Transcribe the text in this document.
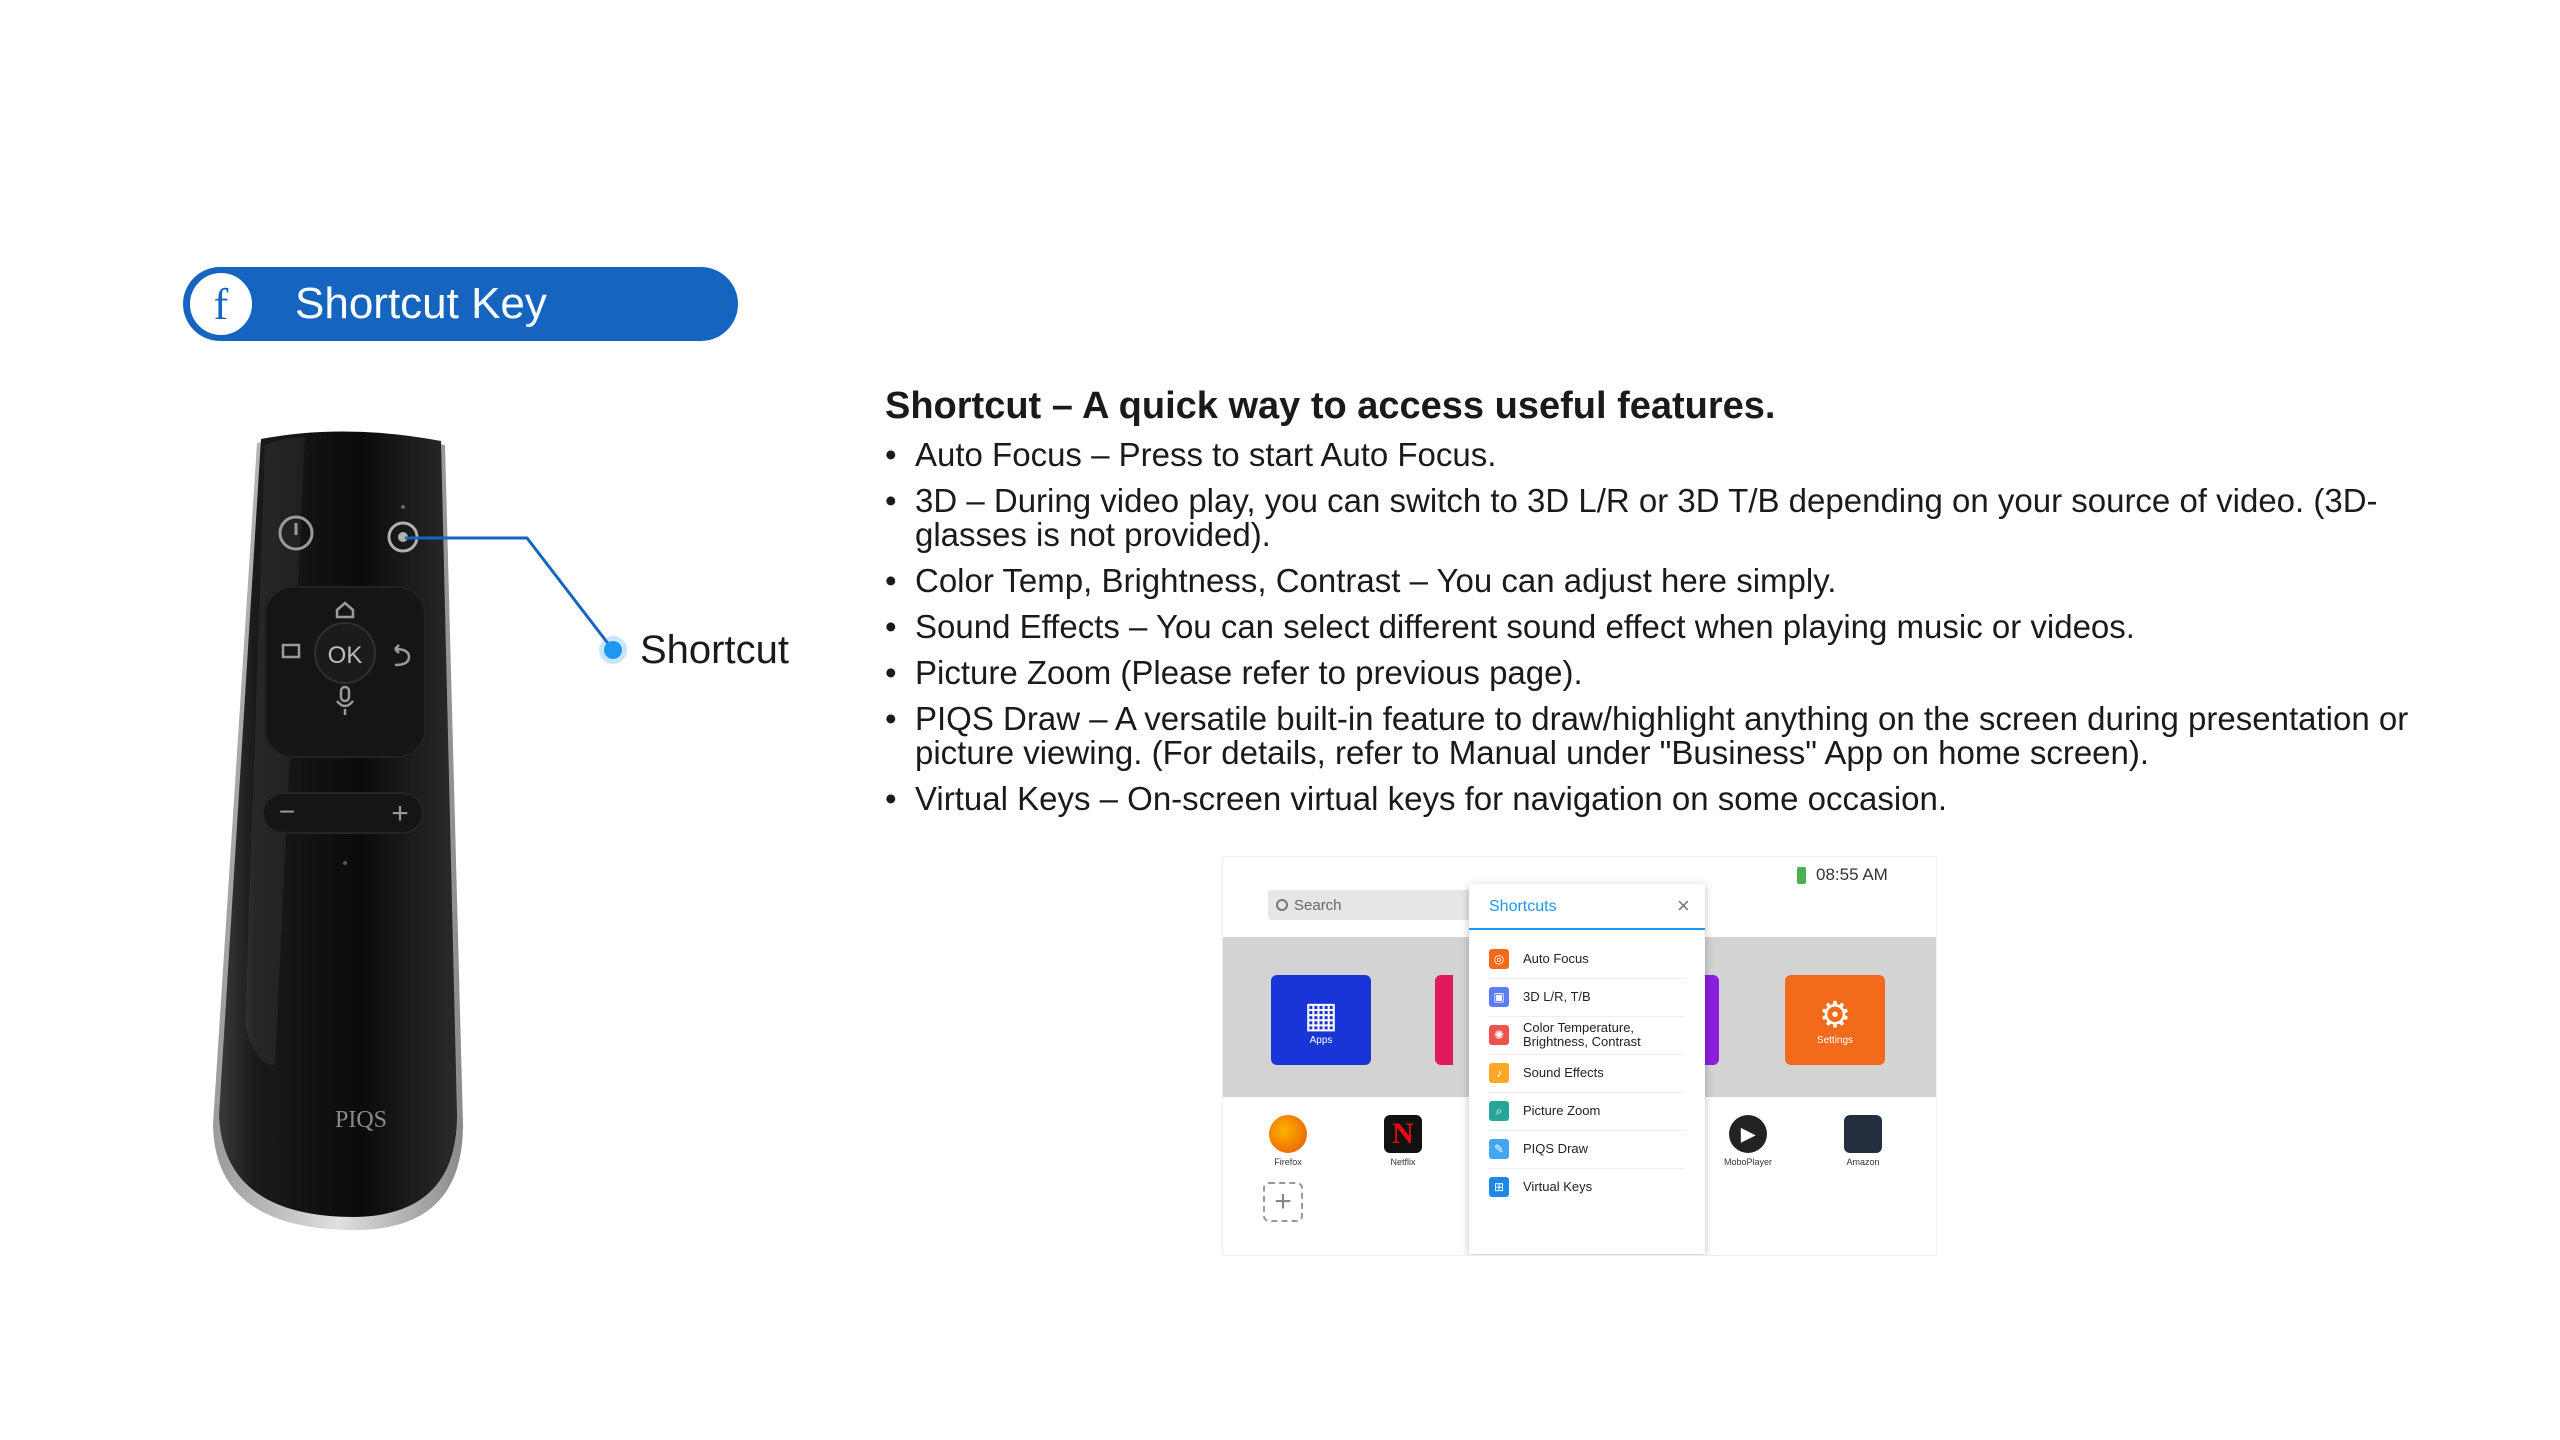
f Shortcut Key
OK
−	+
PIQS
Shortcut
Shortcut – A quick way to access useful features.
• Auto Focus – Press to start Auto Focus.
• 3D – During video play, you can switch to 3D L/R or 3D T/B depending on your source of video. (3D-glasses is not provided).
• Color Temp, Brightness, Contrast – You can adjust here simply.
• Sound Effects – You can select different sound effect when playing music or videos.
• Picture Zoom (Please refer to previous page).
• PIQS Draw – A versatile built-in feature to draw/highlight anything on the screen during presentation or picture viewing. (For details, refer to Manual under "Business" App on home screen).
• Virtual Keys – On-screen virtual keys for navigation on some occasion.
08:55 AM
Search
▦
Apps
⚙
Settings
Firefox
N
Netflix
▶
MoboPlayer	Amazon
+
Shortcuts	×
◎	Auto Focus
▣	3D L/R, T/B
✺	Color Temperature, Brightness, Contrast
♪	Sound Effects
⌕	Picture Zoom
✎	PIQS Draw
⊞	Virtual Keys
